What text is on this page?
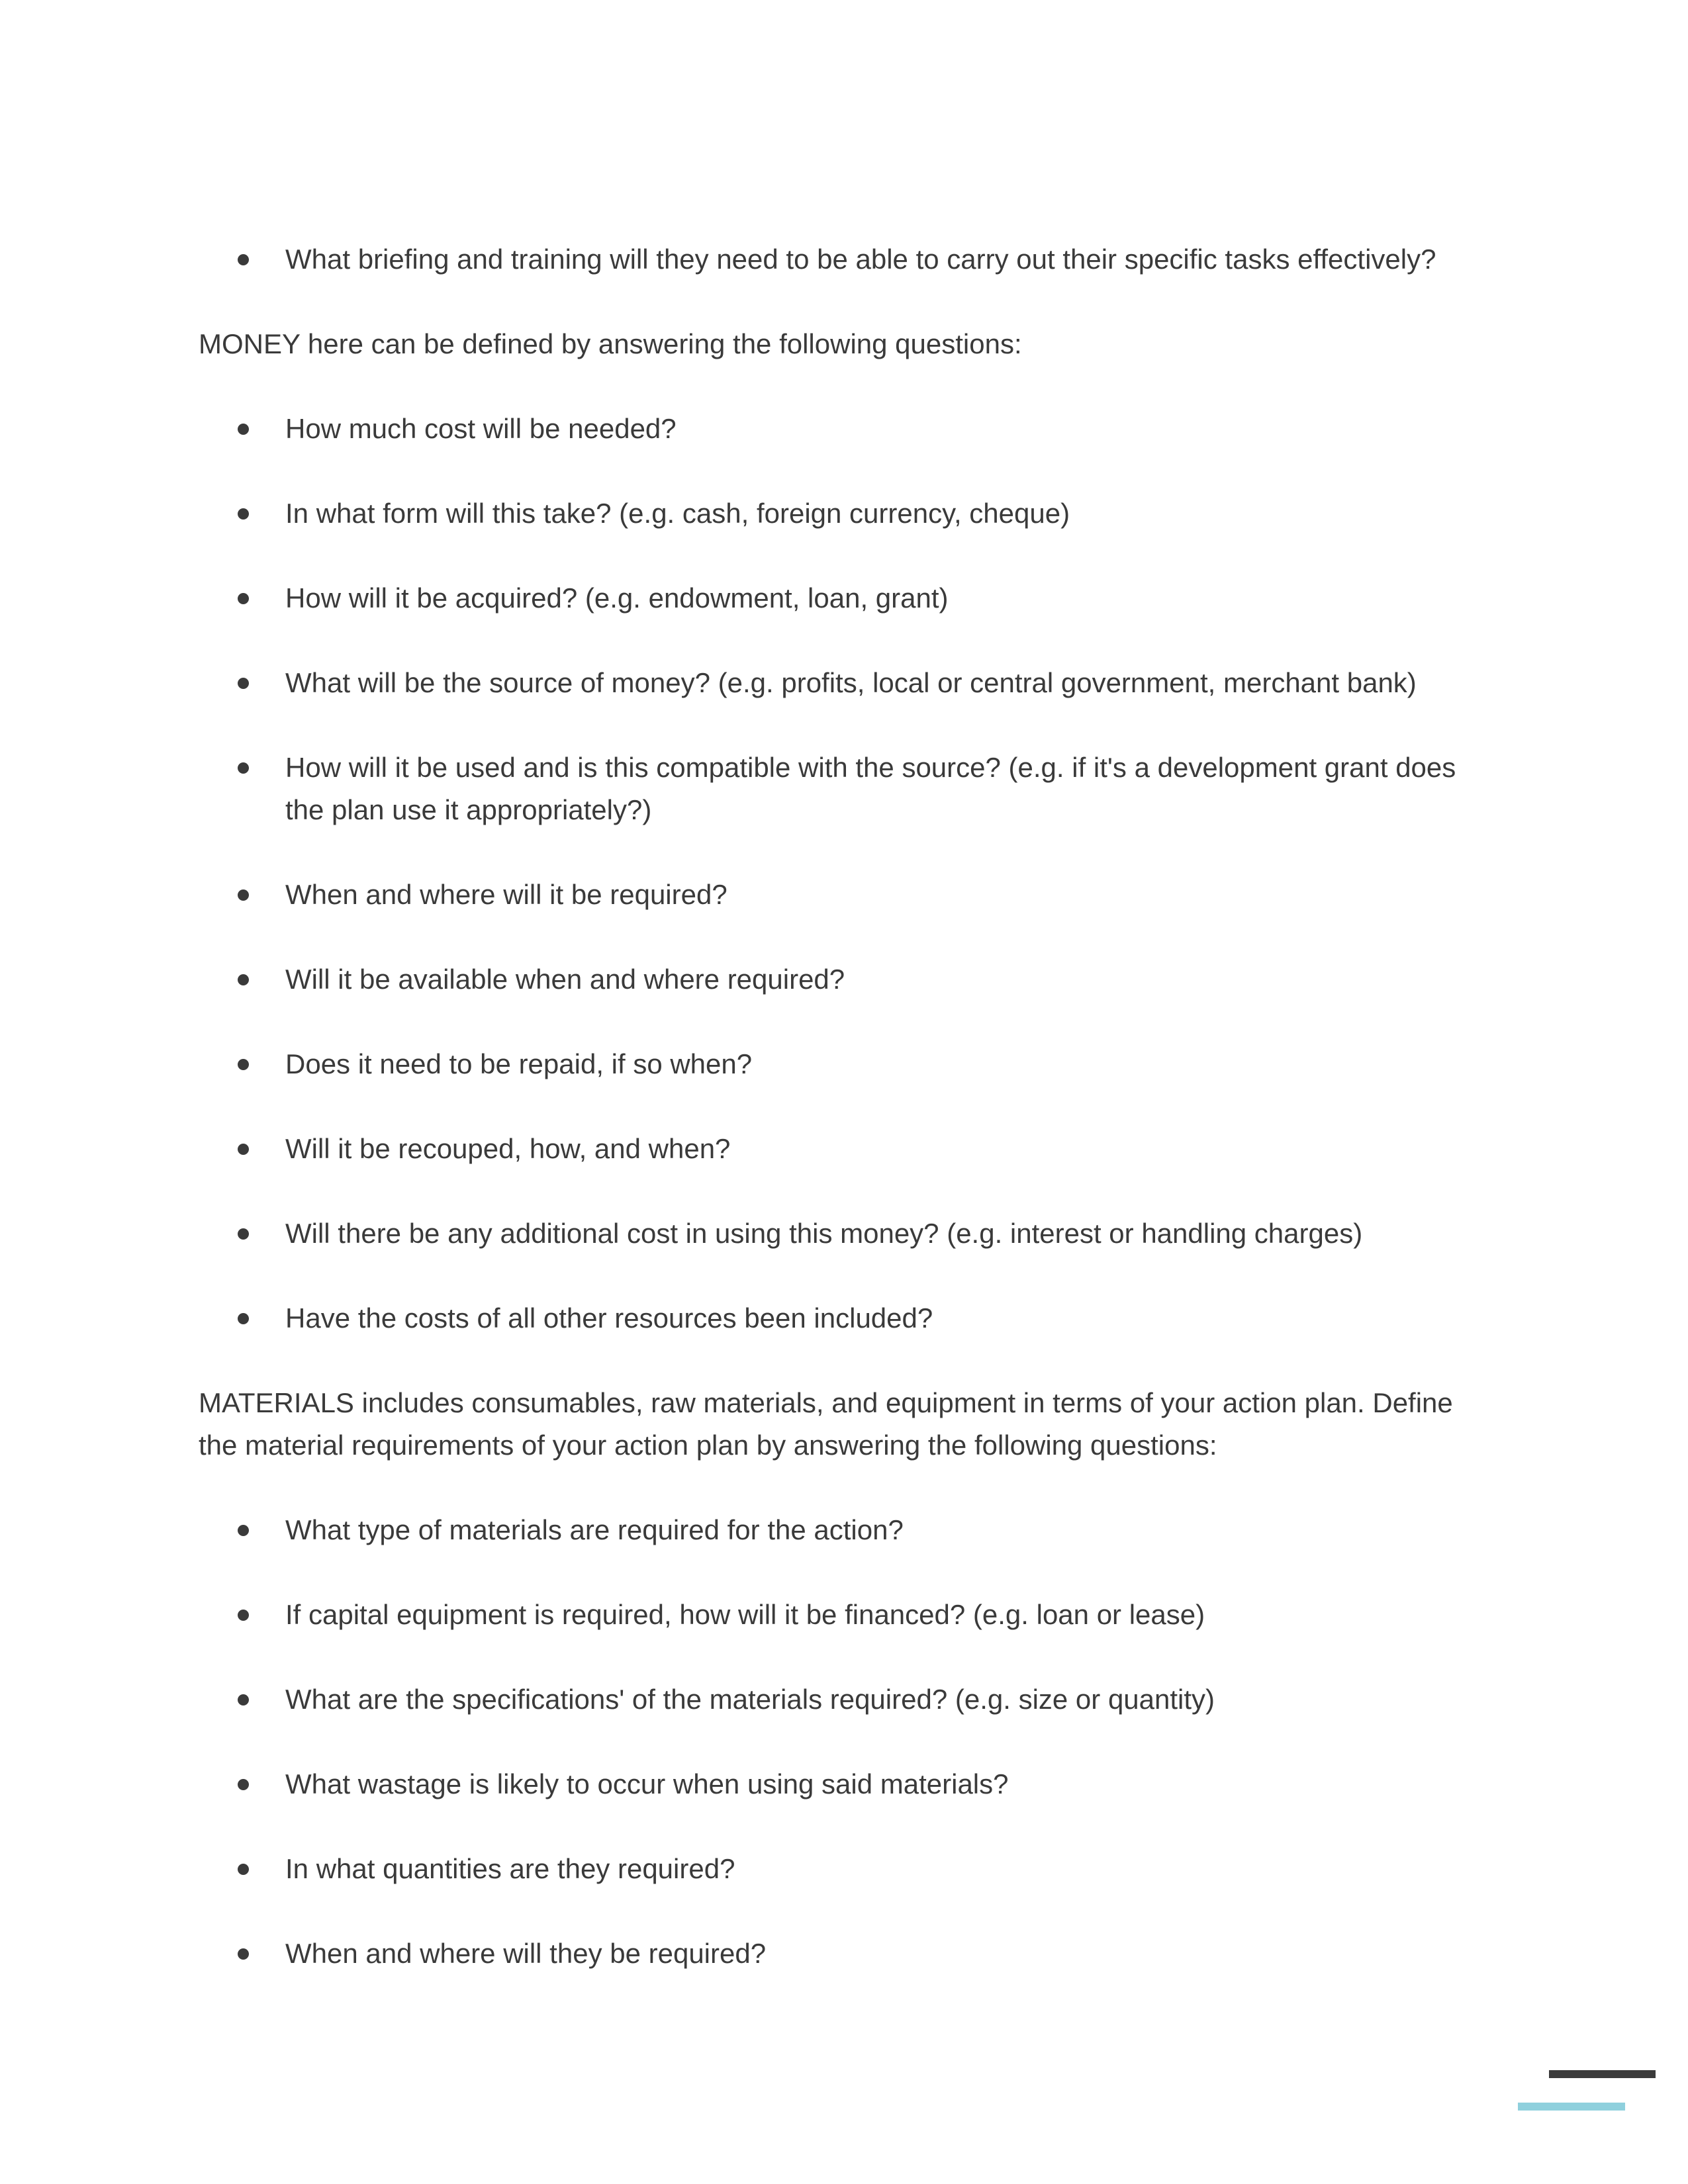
What briefing and training will they need to be able to carry out their specific tasks effectively?

MONEY here can be defined by answering the following questions:

How much cost will be needed?
In what form will this take? (e.g. cash, foreign currency, cheque)
How will it be acquired? (e.g. endowment, loan, grant)
What will be the source of money? (e.g. profits, local or central government, merchant bank)
How will it be used and is this compatible with the source? (e.g. if it's a development grant does the plan use it appropriately?)
When and where will it be required?
Will it be available when and where required?
Does it need to be repaid, if so when?
Will it be recouped, how, and when?
Will there be any additional cost in using this money? (e.g. interest or handling charges)
Have the costs of all other resources been included?

MATERIALS includes consumables, raw materials, and equipment in terms of your action plan. Define the material requirements of your action plan by answering the following questions:

What type of materials are required for the action?
If capital equipment is required, how will it be financed? (e.g. loan or lease)
What are the specifications' of the materials required? (e.g. size or quantity)
What wastage is likely to occur when using said materials?
In what quantities are they required?
When and where will they be required?
